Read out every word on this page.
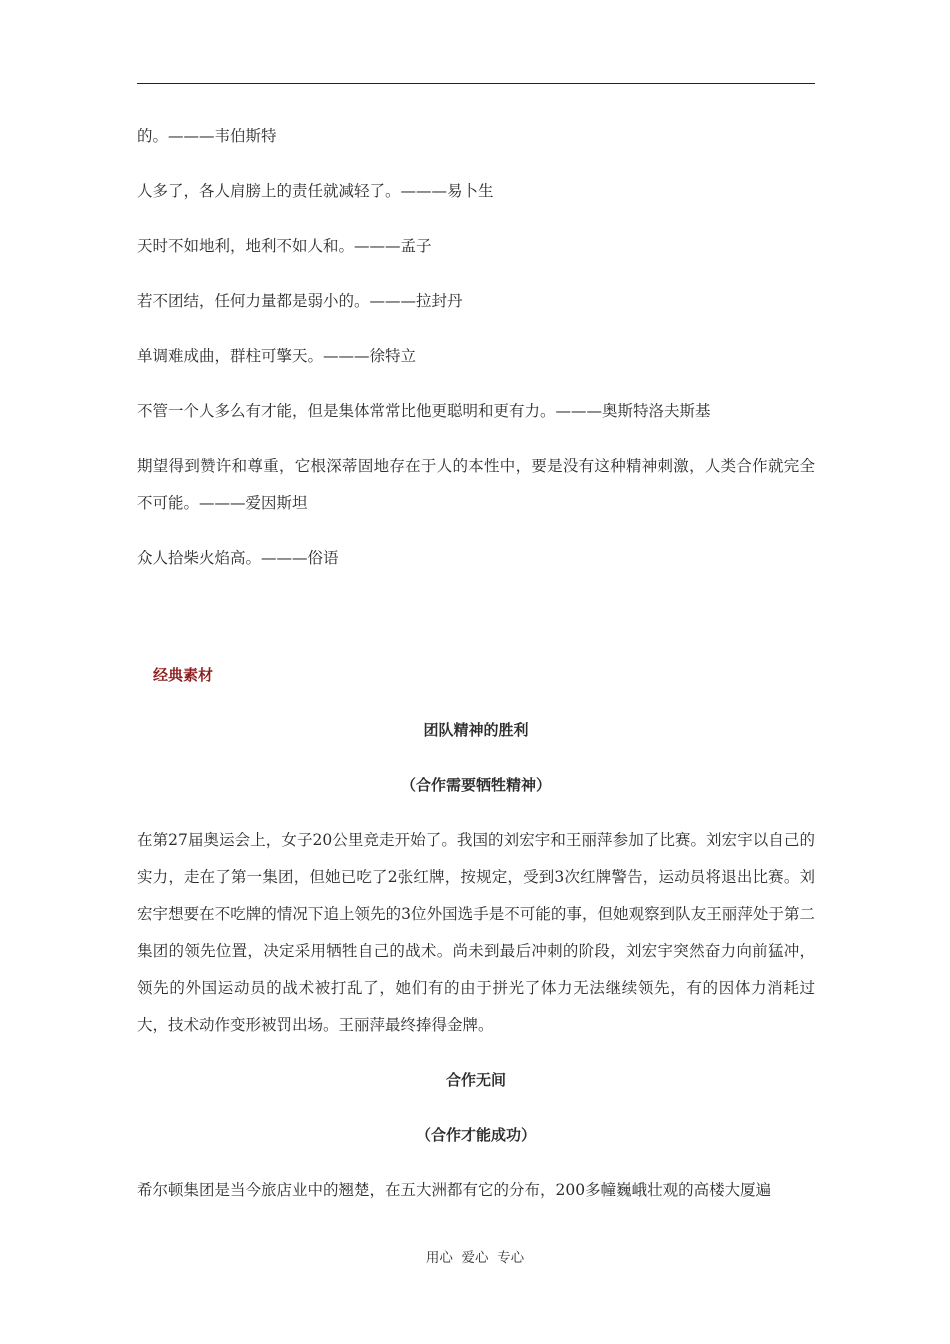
的。———韦伯斯特

人多了，各人肩膀上的责任就减轻了。———易卜生

天时不如地利，地利不如人和。———孟子

若不团结，任何力量都是弱小的。———拉封丹

单调难成曲，群柱可擎天。———徐特立

不管一个人多么有才能，但是集体常常比他更聪明和更有力。———奥斯特洛夫斯基

期望得到赞许和尊重，它根深蒂固地存在于人的本性中，要是没有这种精神刺激，人类合作就完全不可能。———爱因斯坦

众人拾柴火焰高。———俗语

经典素材
团队精神的胜利
（合作需要牺牲精神）

在第27届奥运会上，女子20公里竞走开始了。我国的刘宏宇和王丽萍参加了比赛。刘宏宇以自己的实力，走在了第一集团，但她已吃了2张红牌，按规定，受到3次红牌警告，运动员将退出比赛。刘宏宇想要在不吃牌的情况下追上领先的3位外国选手是不可能的事，但她观察到队友王丽萍处于第二集团的领先位置，决定采用牺牲自己的战术。尚未到最后冲刺的阶段，刘宏宇突然奋力向前猛冲，领先的外国运动员的战术被打乱了，她们有的由于拼光了体力无法继续领先，有的因体力消耗过大，技术动作变形被罚出场。王丽萍最终捧得金牌。

合作无间
（合作才能成功）

希尔顿集团是当今旅店业中的翘楚，在五大洲都有它的分布，200多幢巍峨壮观的高楼大厦遍

用心  爱心  专心
